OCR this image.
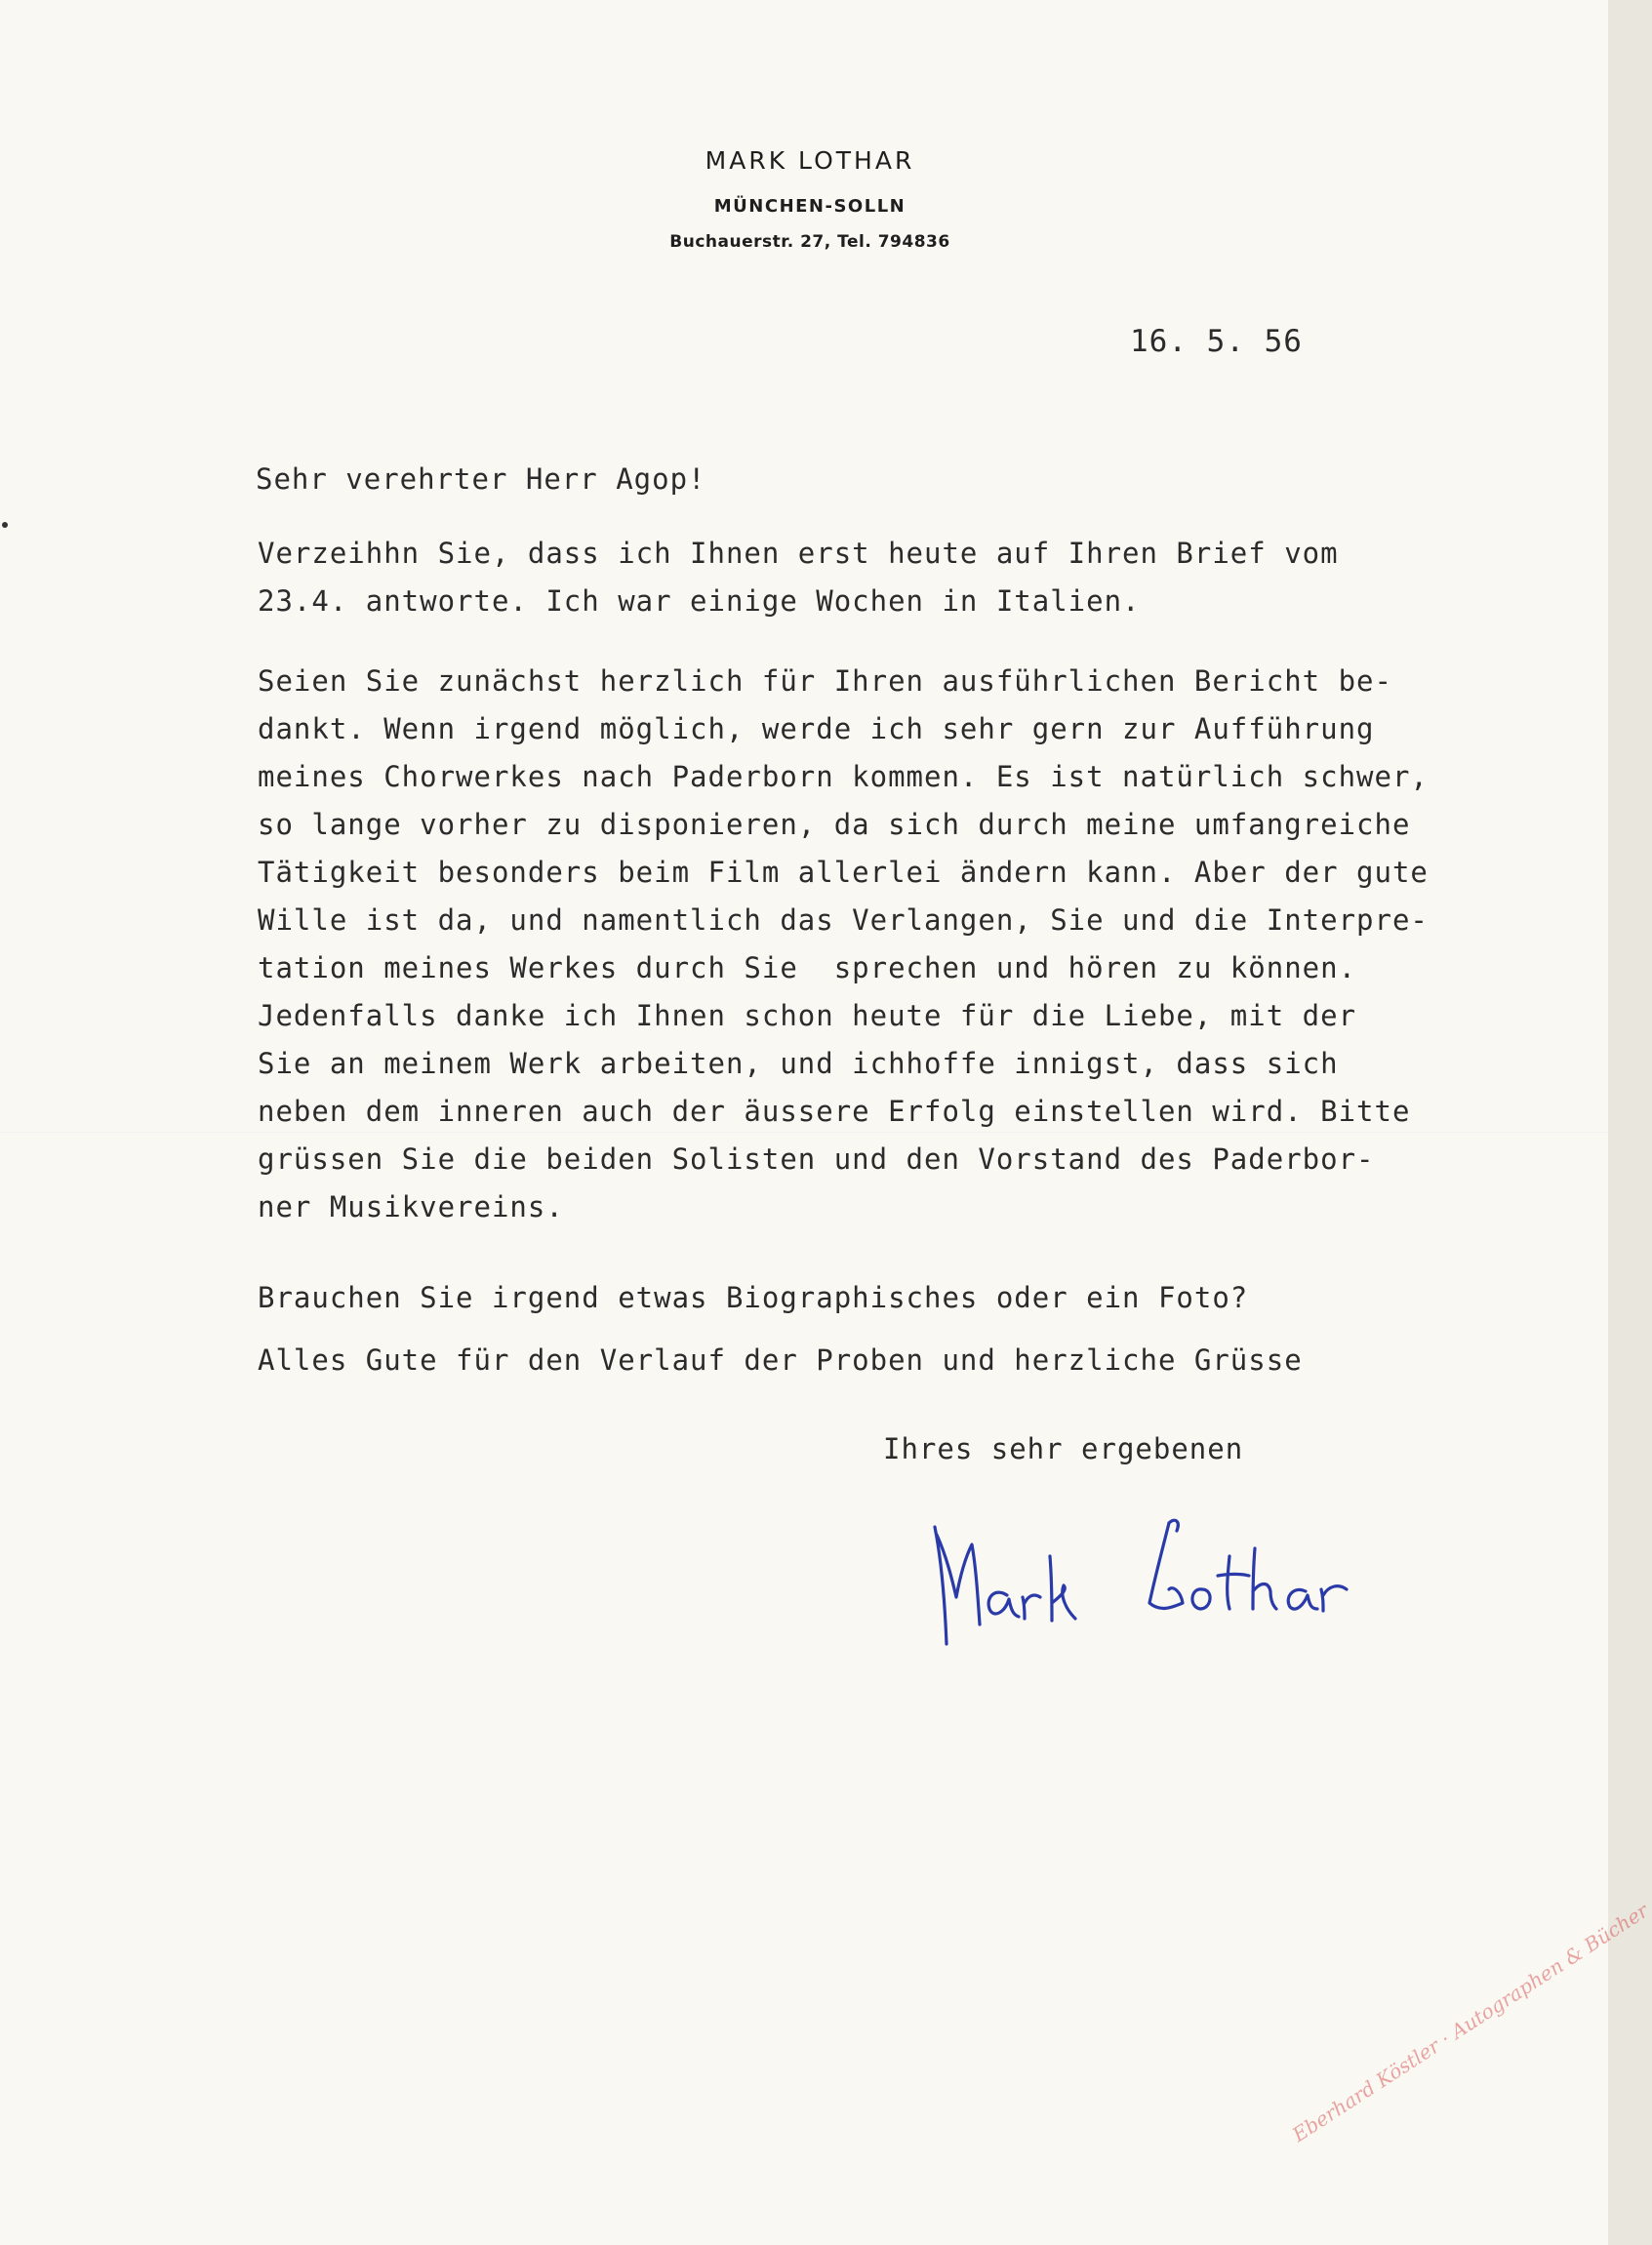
MARK LOTHAR
MÜNCHEN-SOLLN
Buchauerstr. 27, Tel. 794836
16. 5. 56
Sehr verehrter Herr Agop!
Verzeihhn Sie, dass ich Ihnen erst heute auf Ihren Brief vom
23.4. antworte. Ich war einige Wochen in Italien.
Seien Sie zunächst herzlich für Ihren ausführlichen Bericht be-
dankt. Wenn irgend möglich, werde ich sehr gern zur Aufführung
meines Chorwerkes nach Paderborn kommen. Es ist natürlich schwer,
so lange vorher zu disponieren, da sich durch meine umfangreiche
Tätigkeit besonders beim Film allerlei ändern kann. Aber der gute
Wille ist da, und namentlich das Verlangen, Sie und die Interpre-
tation meines Werkes durch Sie  sprechen und hören zu können.
Jedenfalls danke ich Ihnen schon heute für die Liebe, mit der
Sie an meinem Werk arbeiten, und ichhoffe innigst, dass sich
neben dem inneren auch der äussere Erfolg einstellen wird. Bitte
grüssen Sie die beiden Solisten und den Vorstand des Paderbor-
ner Musikvereins.
Brauchen Sie irgend etwas Biographisches oder ein Foto?
Alles Gute für den Verlauf der Proben und herzliche Grüsse
Ihres sehr ergebenen
Eberhard Köstler · Autographen & Bücher
